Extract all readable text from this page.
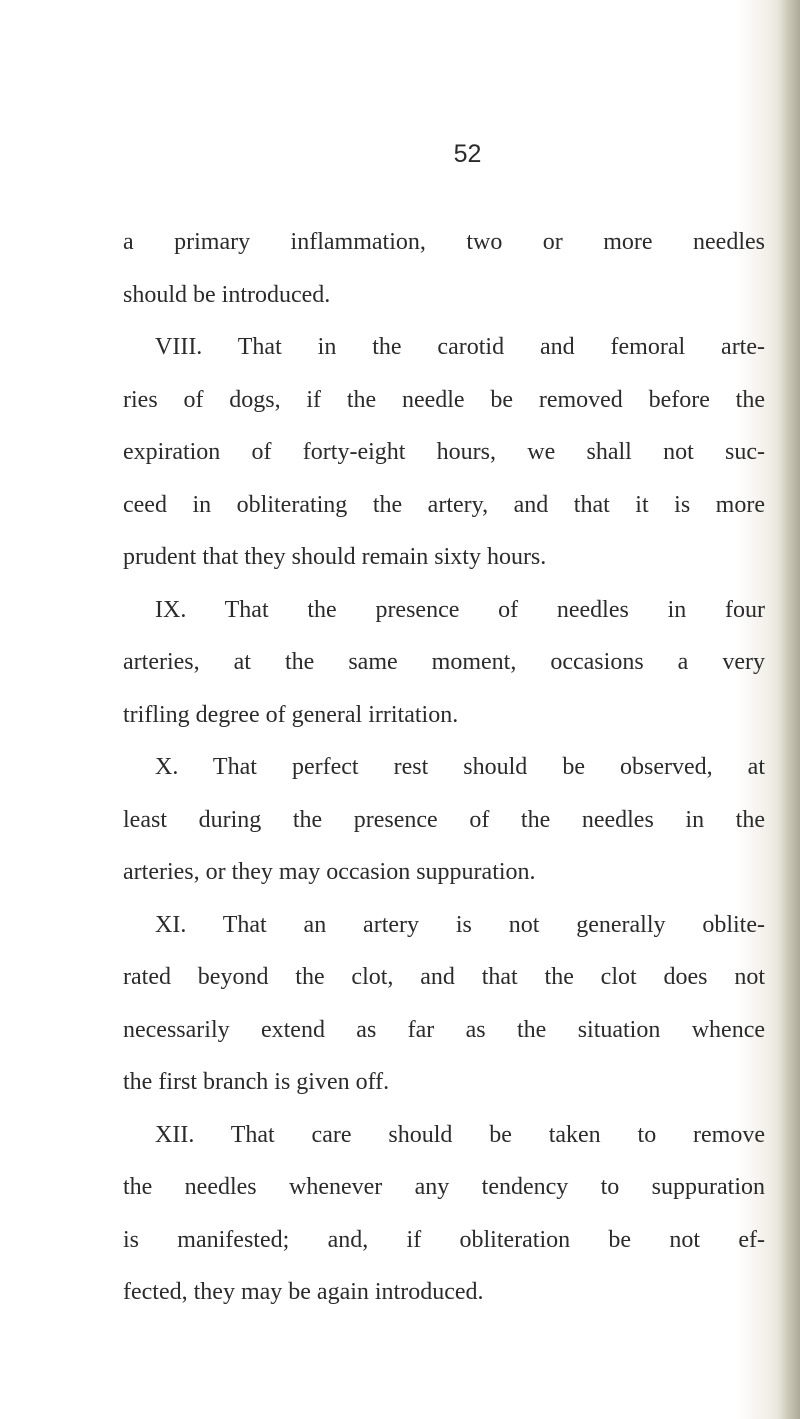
52
a primary inflammation, two or more needles
should be introduced.
VIII. That in the carotid and femoral arte-
ries of dogs, if the needle be removed before the
expiration of forty-eight hours, we shall not suc-
ceed in obliterating the artery, and that it is more
prudent that they should remain sixty hours.
IX. That the presence of needles in four
arteries, at the same moment, occasions a very
trifling degree of general irritation.
X. That perfect rest should be observed, at
least during the presence of the needles in the
arteries, or they may occasion suppuration.
XI. That an artery is not generally oblite-
rated beyond the clot, and that the clot does not
necessarily extend as far as the situation whence
the first branch is given off.
XII. That care should be taken to remove
the needles whenever any tendency to suppuration
is manifested; and, if obliteration be not ef-
fected, they may be again introduced.
